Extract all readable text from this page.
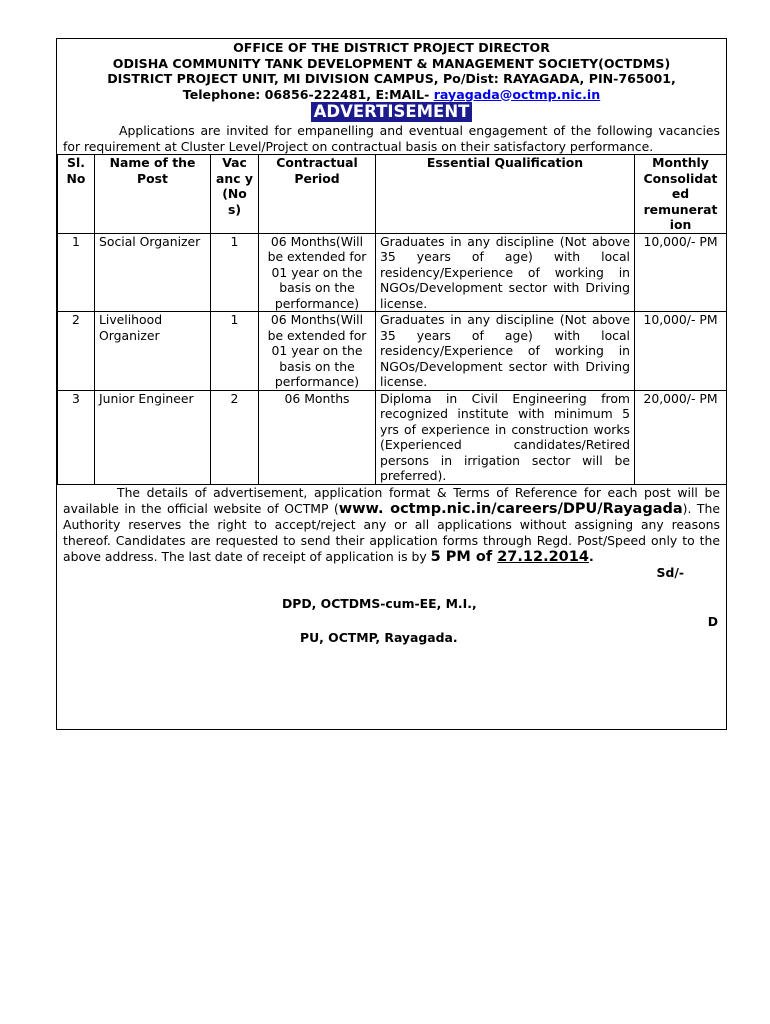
OFFICE OF THE DISTRICT PROJECT DIRECTOR
ODISHA COMMUNITY TANK DEVELOPMENT & MANAGEMENT SOCIETY(OCTDMS)
DISTRICT PROJECT UNIT, MI DIVISION CAMPUS, Po/Dist: RAYAGADA, PIN-765001,
Telephone: 06856-222481, E:MAIL- rayagada@octmp.nic.in
ADVERTISEMENT
Applications are invited for empanelling and eventual engagement of the following vacancies for requirement at Cluster Level/Project on contractual basis on their satisfactory performance.
Sl. No	Name of the Post	Vac anc y (No s)	Contractual Period	Essential Qualification	Monthly Consolidat ed remunerat ion
1	Social Organizer	1	06 Months(Will be extended for 01 year on the basis on the performance)	Graduates in any discipline (Not above 35 years of age) with local residency/Experience of working in NGOs/Development sector with Driving license.	10,000/- PM
2	Livelihood Organizer	1	06 Months(Will be extended for 01 year on the basis on the performance)	Graduates in any discipline (Not above 35 years of age) with local residency/Experience of working in NGOs/Development sector with Driving license.	10,000/- PM
3	Junior Engineer	2	06 Months	Diploma in Civil Engineering from recognized institute with minimum 5 yrs of experience in construction works (Experienced candidates/Retired persons in irrigation sector will be preferred).	20,000/- PM
The details of advertisement, application format & Terms of Reference for each post will be available in the official website of OCTMP (www. octmp.nic.in/careers/DPU/Rayagada). The Authority reserves the right to accept/reject any or all applications without assigning any reasons thereof. Candidates are requested to send their application forms through Regd. Post/Speed only to the above address. The last date of receipt of application is by 5 PM of 27.12.2014.
Sd/-
DPD, OCTDMS-cum-EE, M.I.,
D
PU, OCTMP, Rayagada.
